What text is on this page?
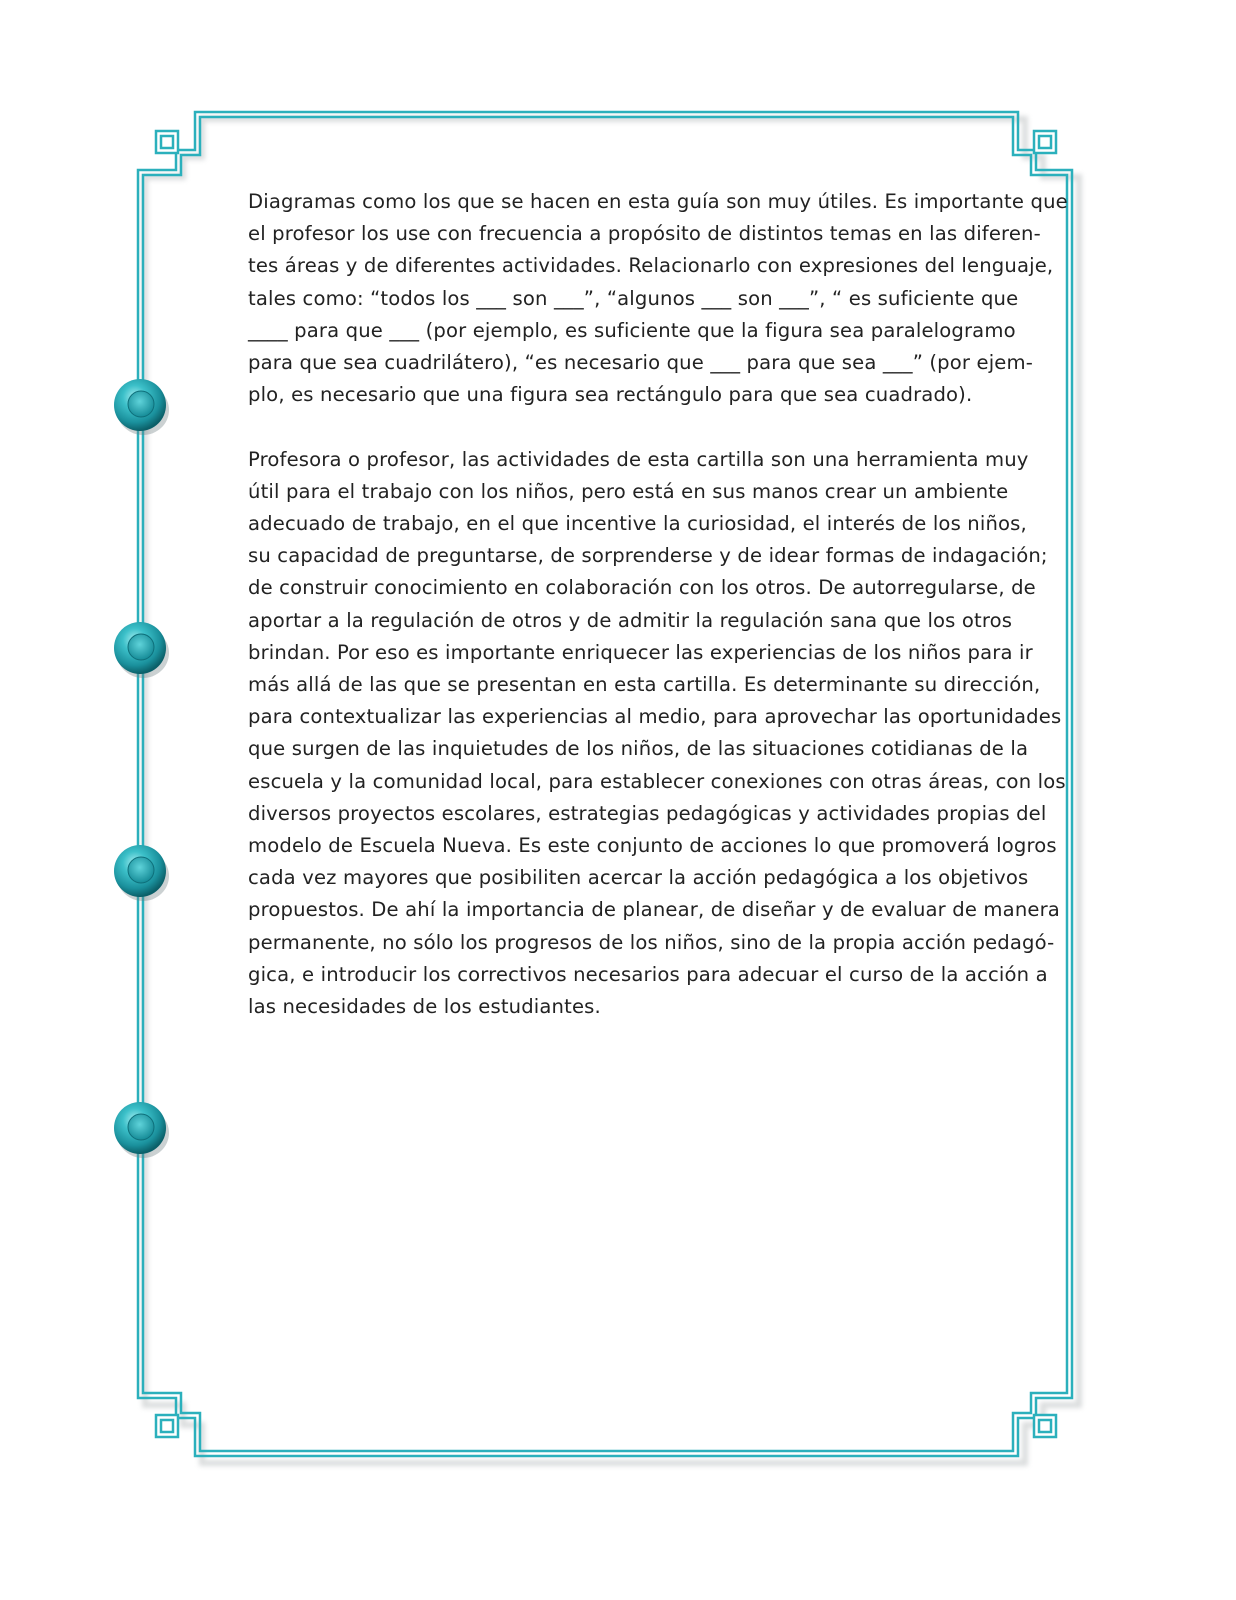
Diagramas como los que se hacen en esta guía son muy útiles. Es importante que
el profesor los use con frecuencia a propósito de distintos temas en las diferen-
tes áreas y de diferentes actividades. Relacionarlo con expresiones del lenguaje,
tales como: “todos los ___ son ___”, “algunos ___ son ___”, “ es suficiente que
____ para que ___ (por ejemplo, es suficiente que la figura sea paralelogramo
para que sea cuadrilátero), “es necesario que ___ para que sea ___” (por ejem-
plo, es necesario que una figura sea rectángulo para que sea cuadrado).
Profesora o profesor, las actividades de esta cartilla son una herramienta muy
útil para el trabajo con los niños, pero está en sus manos crear un ambiente
adecuado de trabajo, en el que incentive la curiosidad, el interés de los niños,
su capacidad de preguntarse, de sorprenderse y de idear formas de indagación;
de construir conocimiento en colaboración con los otros. De autorregularse, de
aportar a la regulación de otros y de admitir la regulación sana que los otros
brindan. Por eso es importante enriquecer las experiencias de los niños para ir
más allá de las que se presentan en esta cartilla. Es determinante su dirección,
para contextualizar las experiencias al medio, para aprovechar las oportunidades
que surgen de las inquietudes de los niños, de las situaciones cotidianas de la
escuela y la comunidad local, para establecer conexiones con otras áreas, con los
diversos proyectos escolares, estrategias pedagógicas y actividades propias del
modelo de Escuela Nueva. Es este conjunto de acciones lo que promoverá logros
cada vez mayores que posibiliten acercar la acción pedagógica a los objetivos
propuestos. De ahí la importancia de planear, de diseñar y de evaluar de manera
permanente, no sólo los progresos de los niños, sino de la propia acción pedagó-
gica, e introducir los correctivos necesarios para adecuar el curso de la acción a
las necesidades de los estudiantes.
